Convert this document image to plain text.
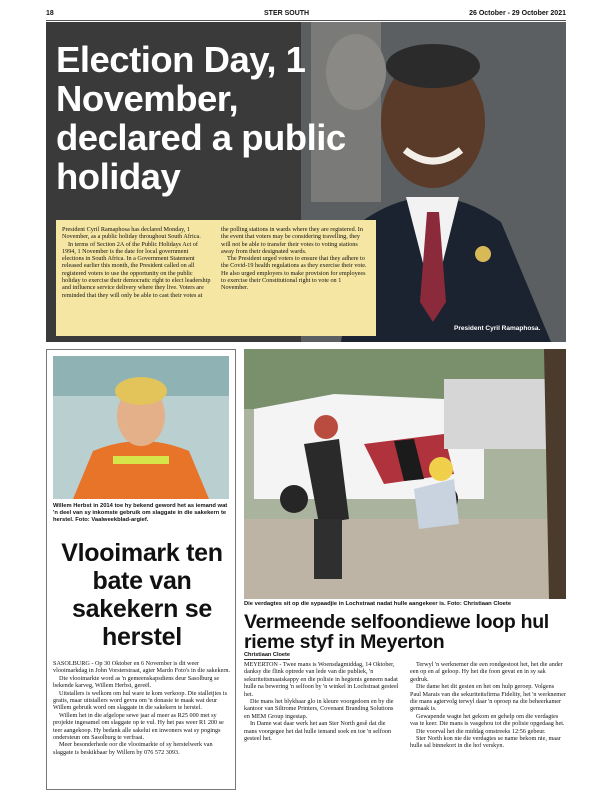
18	STER SOUTH	26 October - 29 October 2021
Election Day, 1 November, declared a public holiday

President Cyril Ramaphosa has declared Monday, 1 November, as a public holiday throughout South Africa.

In terms of Section 2A of the Public Holidays Act of 1994, 1 November is the date for local government elections in South Africa. In a Government Statement released earlier this month, the President called on all registered voters to use the opportunity on the public holiday to exercise their democratic right to elect leadership and influence service delivery where they live. Voters are reminded that they will only be able to cast their votes at the polling stations in wards where they are registered. In the event that voters may be considering travelling, they will not be able to transfer their votes to voting stations away from their designated wards.

The President urged voters to ensure that they adhere to the Covid-19 health regulations as they exercise their vote. He also urged employers to make provision for employees to exercise their Constitutional right to vote on 1 November.

President Cyril Ramaphosa.
Willem Herbst in 2014 toe hy bekend geword het as iemand wat 'n deel van sy inkomste gebruik om slaggate in die sakekern te herstel. Foto: Vaalweekblad-argief.
Vlooimark ten bate van sakekern se herstel

SASOLBURG - Op 30 Oktober en 6 November is dit weer vlooimarkdag in John Vorsterstraat, agter Mardo Foto's in die sakekern.

Die vlooimarkte word as 'n gemeenskapsdiens deur Sasolburg se bekende karveg, Willem Herbst, gereël.

Uitstallers is welkom om hul ware te kom verkoop. Die stalletjies is gratis, maar uitstallers word gevra om 'n donasie te maak wat deur Willem gebruik word om slaggate in die sakekern te herstel.

Willem het in die afgelope sewe jaar al meer as R25 000 met sy projekte ingesamel om slaggate op te vul. Hy het pas weer R1 200 se teer aangekoop. Hy bedank alle sakelui en inwoners wat sy pogings ondersteun om Sasolburg te verfraai.

Meer besonderhede oor die vlooimarkte of sy herstelwerk van slaggate is beskikbaar by Willem by 076 572 3093.

Die verdagtes sit op die sypaadjie in Lochstraat nadat hulle aangekeer is. Foto: Christiaan Cloete
Vermeende selfoondiewe loop hul rieme styf in Meyerton
Christiaan Cloete

MEYERTON - Twee mans is Woensdagmiddag, 14 Oktober, danksy die flink optrede van lede van die publiek, 'n sekuriteitsmaatskappy en die polisie in hegtenis geneem nadat hulle na bewering 'n selfoon by 'n winkel in Lochstraat gesteel het.

Die mans het blykbaar glo in kleure voorgedoen en by die kantoor van Siltrome Printers, Covenant Branding Solutions en MEM Group ingestap.

In Dame wat daar werk het aan Ster North gesê dat die mans voorgegee het dat hulle iemand soek en toe 'n selfoon gesteel het.

Terwyl 'n werknemer die een rondgestoot het, het die ander een op en af geloop. Hy het die foon gevat en in sy sak gedruk.

Die dame het dit gesien en het om hulp geroep. Volgens Paul Marais van die sekuriteitsfirma Fidelity, het 'n werknemer die mans agtervolg terwyl daar 'n oproep na die beheerkamer gemaak is.

Gewapende wagte het gekom en gehelp om die verdagtes vas te keer. Die mans is vasgehou tot die polisie opgedaag het.

Die voorval het die middag omstreeks 12:56 gebeur.

Ster North kon nie die verdagtes se name bekom nie, maar hulle sal binnekort in die hof verskyn.
